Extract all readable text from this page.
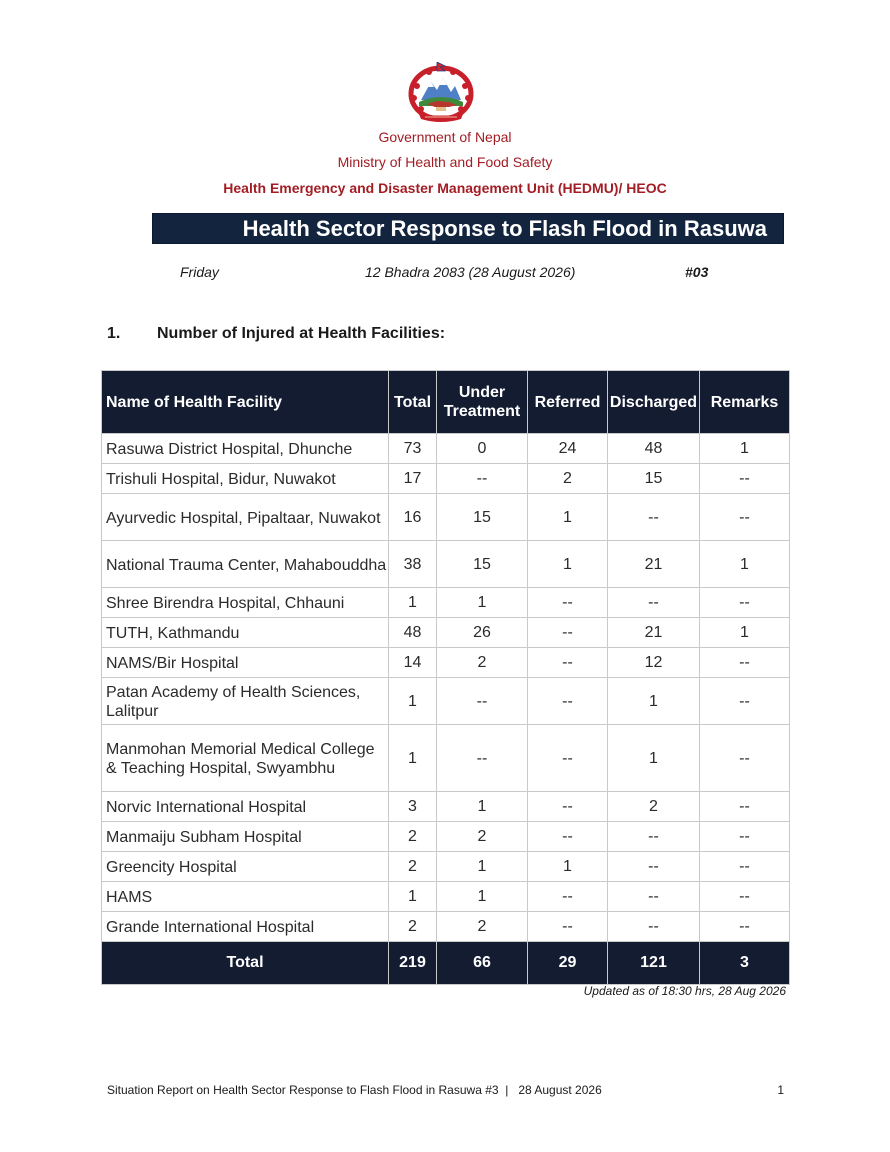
Government of Nepal
Ministry of Health and Food Safety
Health Emergency and Disaster Management Unit (HEDMU)/ HEOC
Health Sector Response to Flash Flood in Rasuwa
Friday	12 Bhadra 2083 (28 August 2026)	#03
1. Number of Injured at Health Facilities:
Name of Health Facility	Total	Under Treatment	Referred	Discharged	Remarks
Rasuwa District Hospital, Dhunche	73	0	24	48	1
Trishuli Hospital, Bidur, Nuwakot	17	--	2	15	--
Ayurvedic Hospital, Pipaltaar, Nuwakot	16	15	1	--	--
National Trauma Center, Mahabouddha	38	15	1	21	1
Shree Birendra Hospital, Chhauni	1	1	--	--	--
TUTH, Kathmandu	48	26	--	21	1
NAMS/Bir Hospital	14	2	--	12	--
Patan Academy of Health Sciences, Lalitpur	1	--	--	1	--
Manmohan Memorial Medical College & Teaching Hospital, Swyambhu	1	--	--	1	--
Norvic International Hospital	3	1	--	2	--
Manmaiju Subham Hospital	2	2	--	--	--
Greencity Hospital	2	1	1	--	--
HAMS	1	1	--	--	--
Grande International Hospital	2	2	--	--	--
Total	219	66	29	121	3
Updated as of 18:30 hrs, 28 Aug 2026
Situation Report on Health Sector Response to Flash Flood in Rasuwa #3  |   28 August 2026	1
